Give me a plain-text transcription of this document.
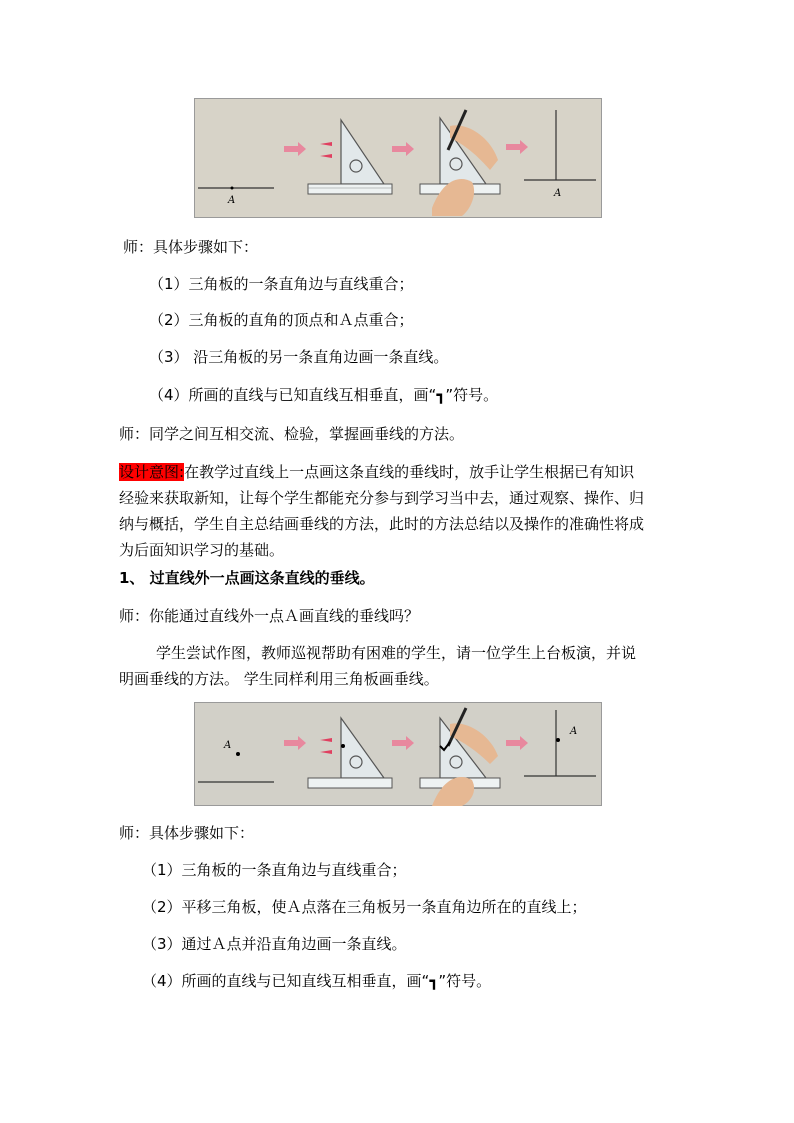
A
A
师：具体步骤如下：
（1）三角板的一条直角边与直线重合；
（2）三角板的直角的顶点和Ａ点重合；
（3） 沿三角板的另一条直角边画一条直线。
（4）所画的直线与已知直线互相垂直，画“┓”符号。
师：同学之间互相交流、检验，掌握画垂线的方法。
设计意图:在教学过直线上一点画这条直线的垂线时，放手让学生根据已有知识
经验来获取新知，让每个学生都能充分参与到学习当中去，通过观察、操作、归
纳与概括，学生自主总结画垂线的方法，此时的方法总结以及操作的准确性将成
为后面知识学习的基础。
1、 过直线外一点画这条直线的垂线。
师：你能通过直线外一点Ａ画直线的垂线吗？
学生尝试作图，教师巡视帮助有困难的学生，请一位学生上台板演，并说
明画垂线的方法。 学生同样利用三角板画垂线。
A
A
师：具体步骤如下：
（1）三角板的一条直角边与直线重合；
（2）平移三角板，使Ａ点落在三角板另一条直角边所在的直线上；
（3）通过Ａ点并沿直角边画一条直线。
（4）所画的直线与已知直线互相垂直，画“┓”符号。
